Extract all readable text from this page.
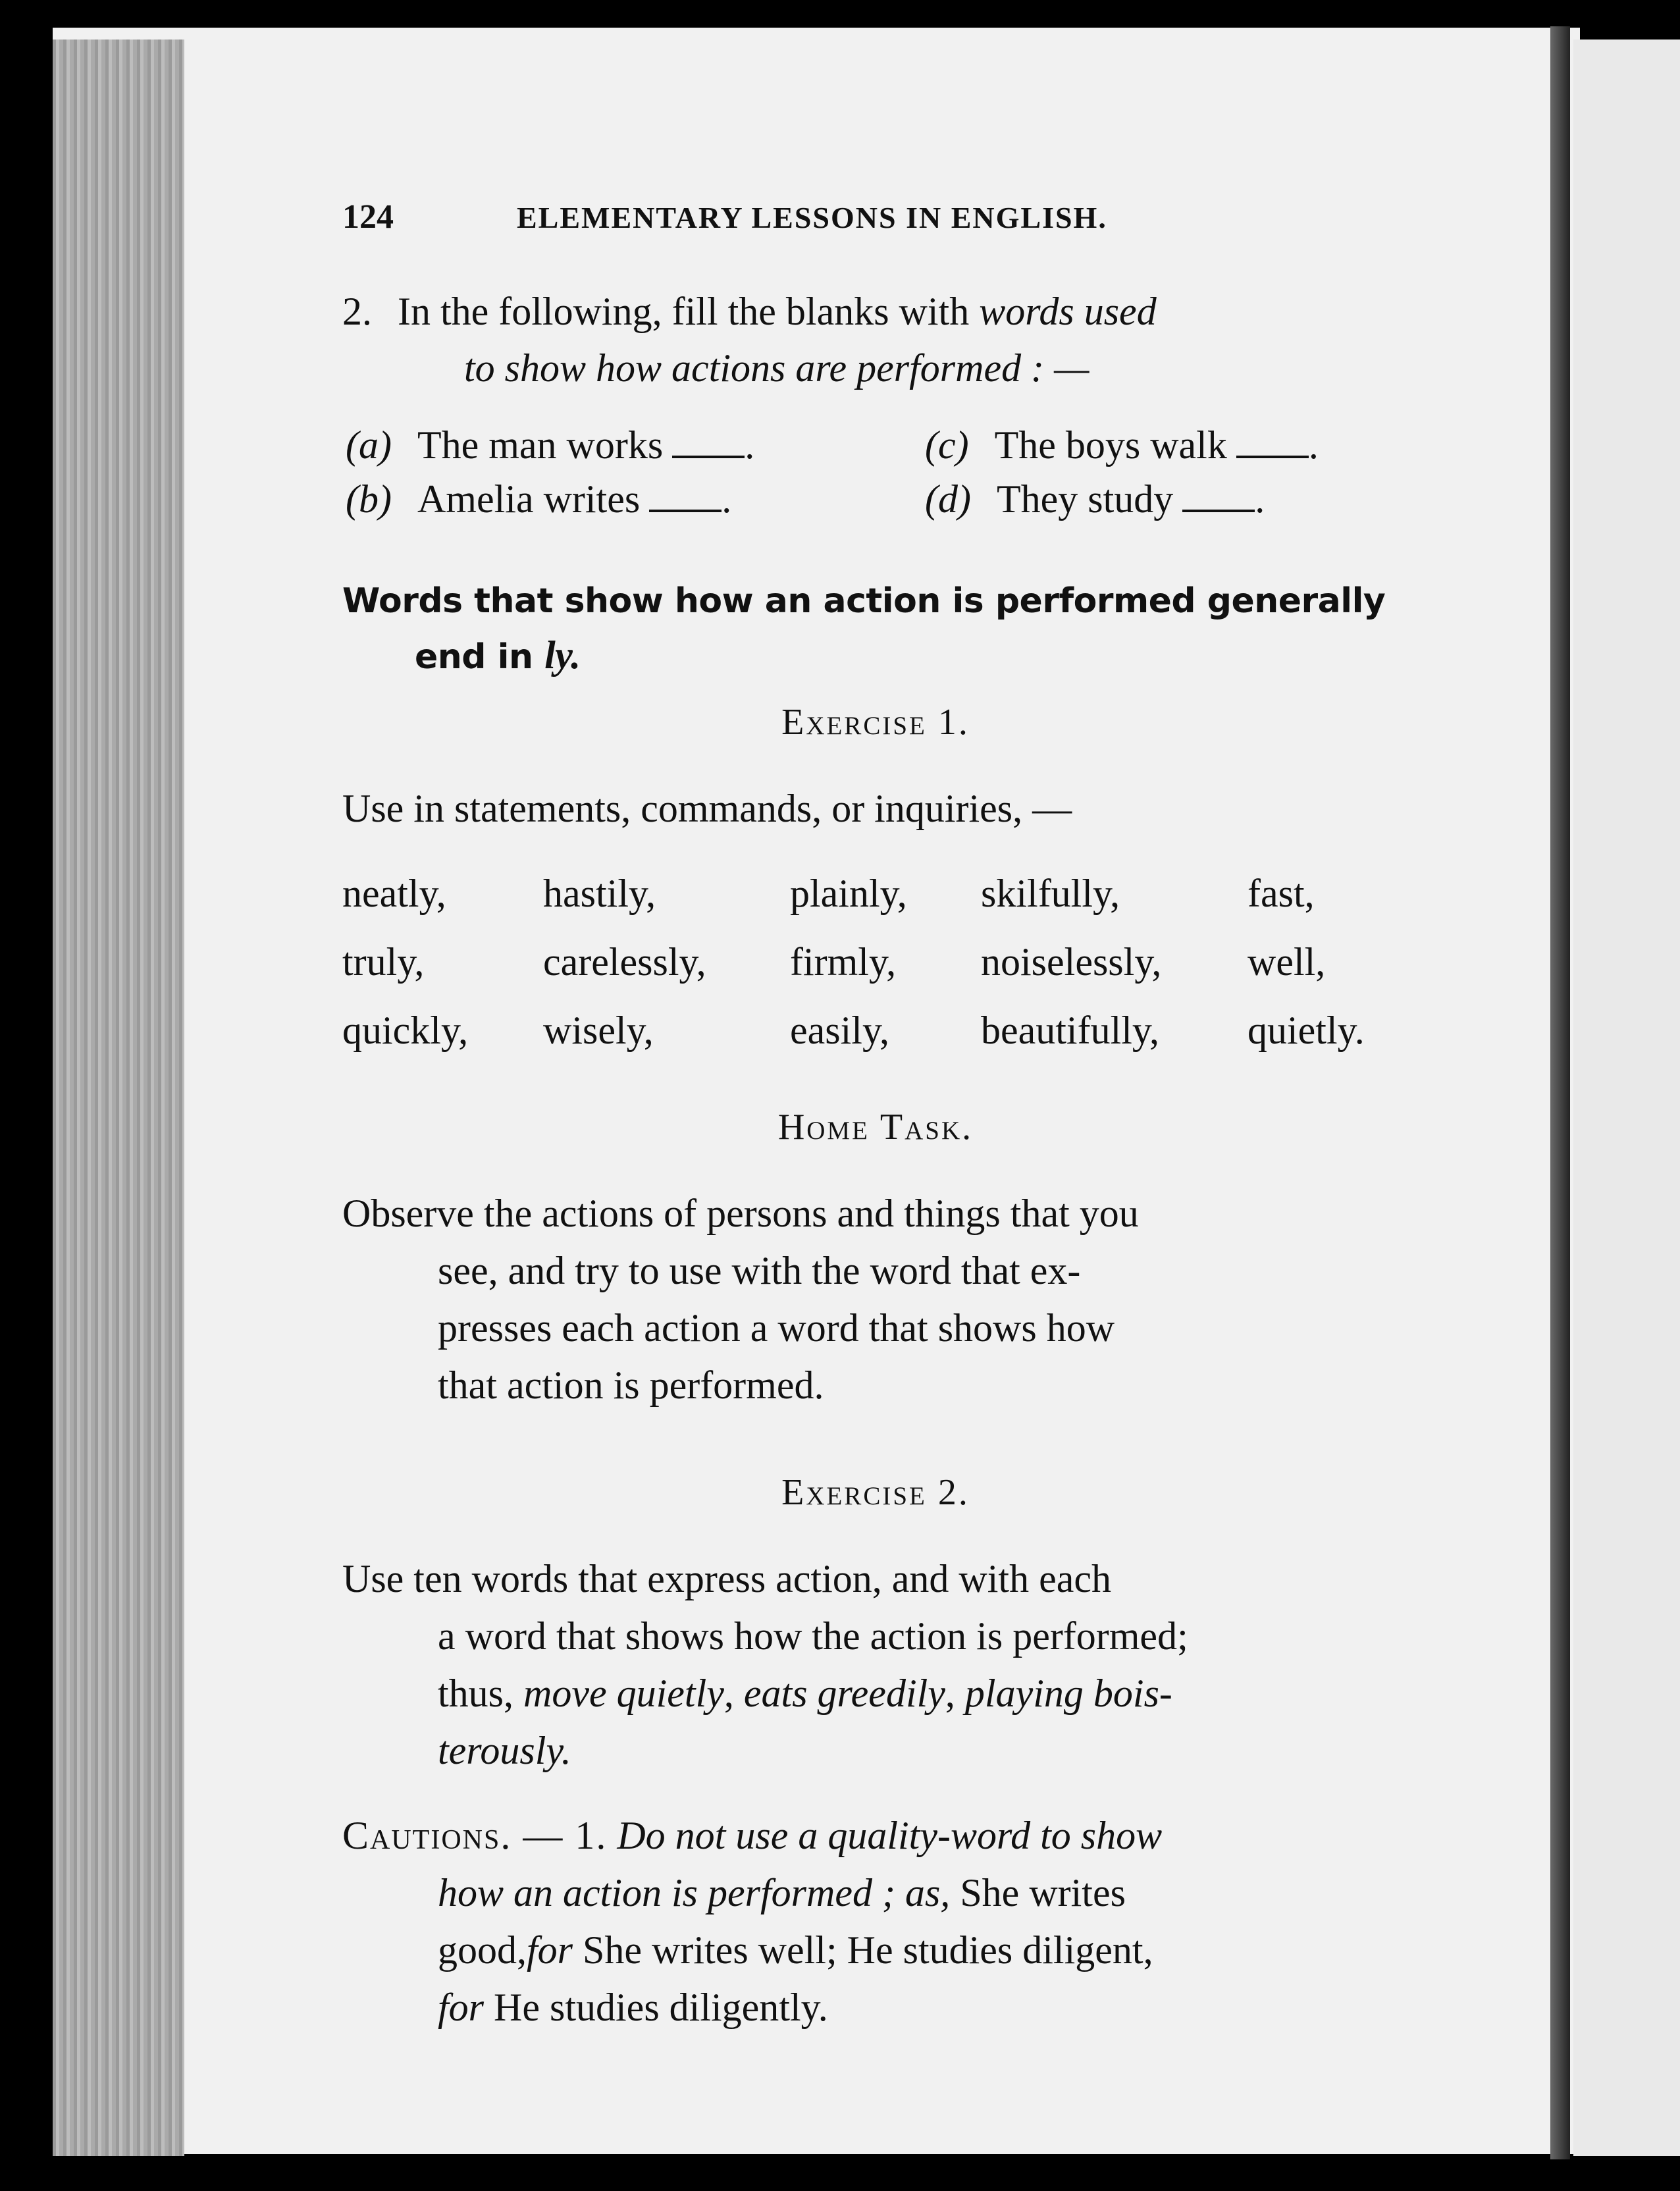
124	ELEMENTARY LESSONS IN ENGLISH.
2. In the following, fill the blanks with words used
to show how actions are performed : —
(a) The man works .
(b) Amelia writes .
(c) The boys walk .
(d) They study .
Words that show how an action is performed generally
end in ly.
Exercise 1.
Use in statements, commands, or inquiries, —
neatly,
truly,
quickly,
hastily,
carelessly,
wisely,
plainly,
firmly,
easily,
skilfully,
noiselessly,
beautifully,
fast,
well,
quietly.
Home Task.
Observe the actions of persons and things that you
see, and try to use with the word that ex-
presses each action a word that shows how
that action is performed.
Exercise 2.
Use ten words that express action, and with each
a word that shows how the action is performed;
thus, move quietly, eats greedily, playing bois-
terously.
Cautions. — 1. Do not use a quality-word to show
how an action is performed ; as, She writes
good,for She writes well; He studies diligent,
for He studies diligently.
